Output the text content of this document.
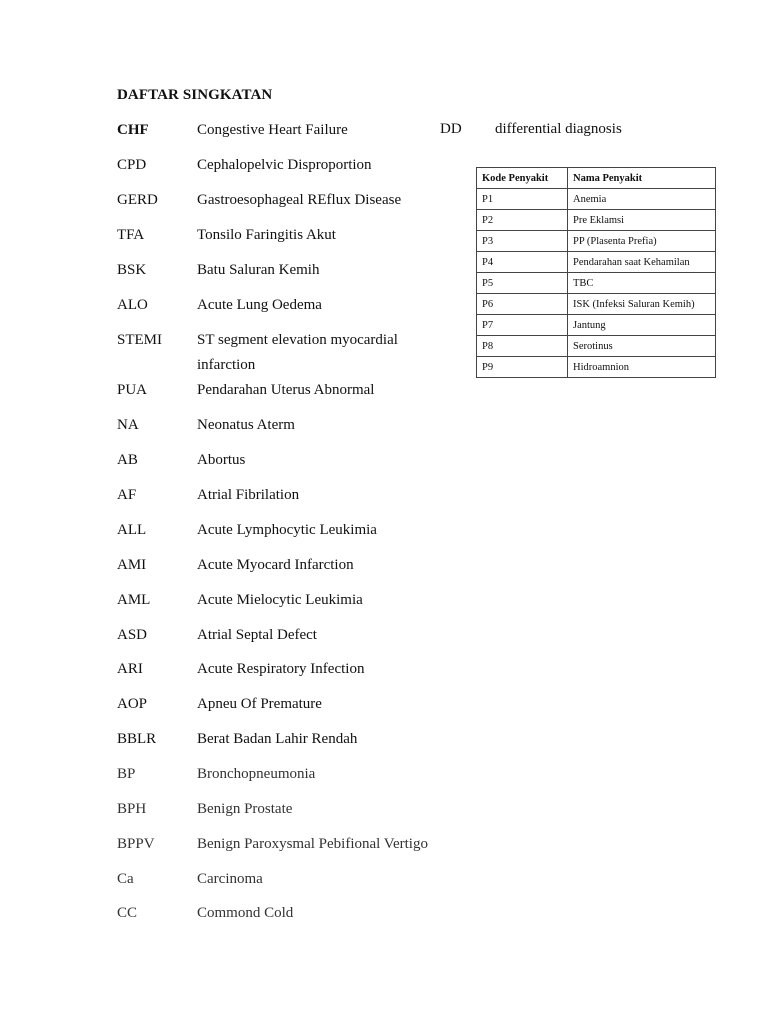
DAFTAR SINGKATAN
CHF	Congestive Heart Failure
CPD	Cephalopelvic Disproportion
GERD	Gastroesophageal REflux Disease
TFA	Tonsilo Faringitis Akut
BSK	Batu Saluran Kemih
ALO	Acute Lung Oedema
STEMI ST segment elevation myocardial infarction
PUA	Pendarahan Uterus Abnormal
NA	Neonatus Aterm
AB	Abortus
AF	Atrial Fibrilation
ALL	Acute Lymphocytic Leukimia
AMI	Acute Myocard Infarction
AML	Acute Mielocytic Leukimia
ASD	Atrial Septal Defect
ARI	Acute Respiratory Infection
AOP	Apneu Of Premature
BBLR	Berat Badan Lahir Rendah
BP	Bronchopneumonia
BPH	Benign Prostate
BPPV	Benign Paroxysmal Pebifional Vertigo
Ca	Carcinoma
CC	Commond Cold
DD differential diagnosis
Kode Penyakit	Nama Penyakit
P1	Anemia
P2	Pre Eklamsi
P3	PP (Plasenta Prefia)
P4	Pendarahan saat Kehamilan
P5	TBC
P6	ISK (Infeksi Saluran Kemih)
P7	Jantung
P8	Serotinus
P9	Hidroamnion
